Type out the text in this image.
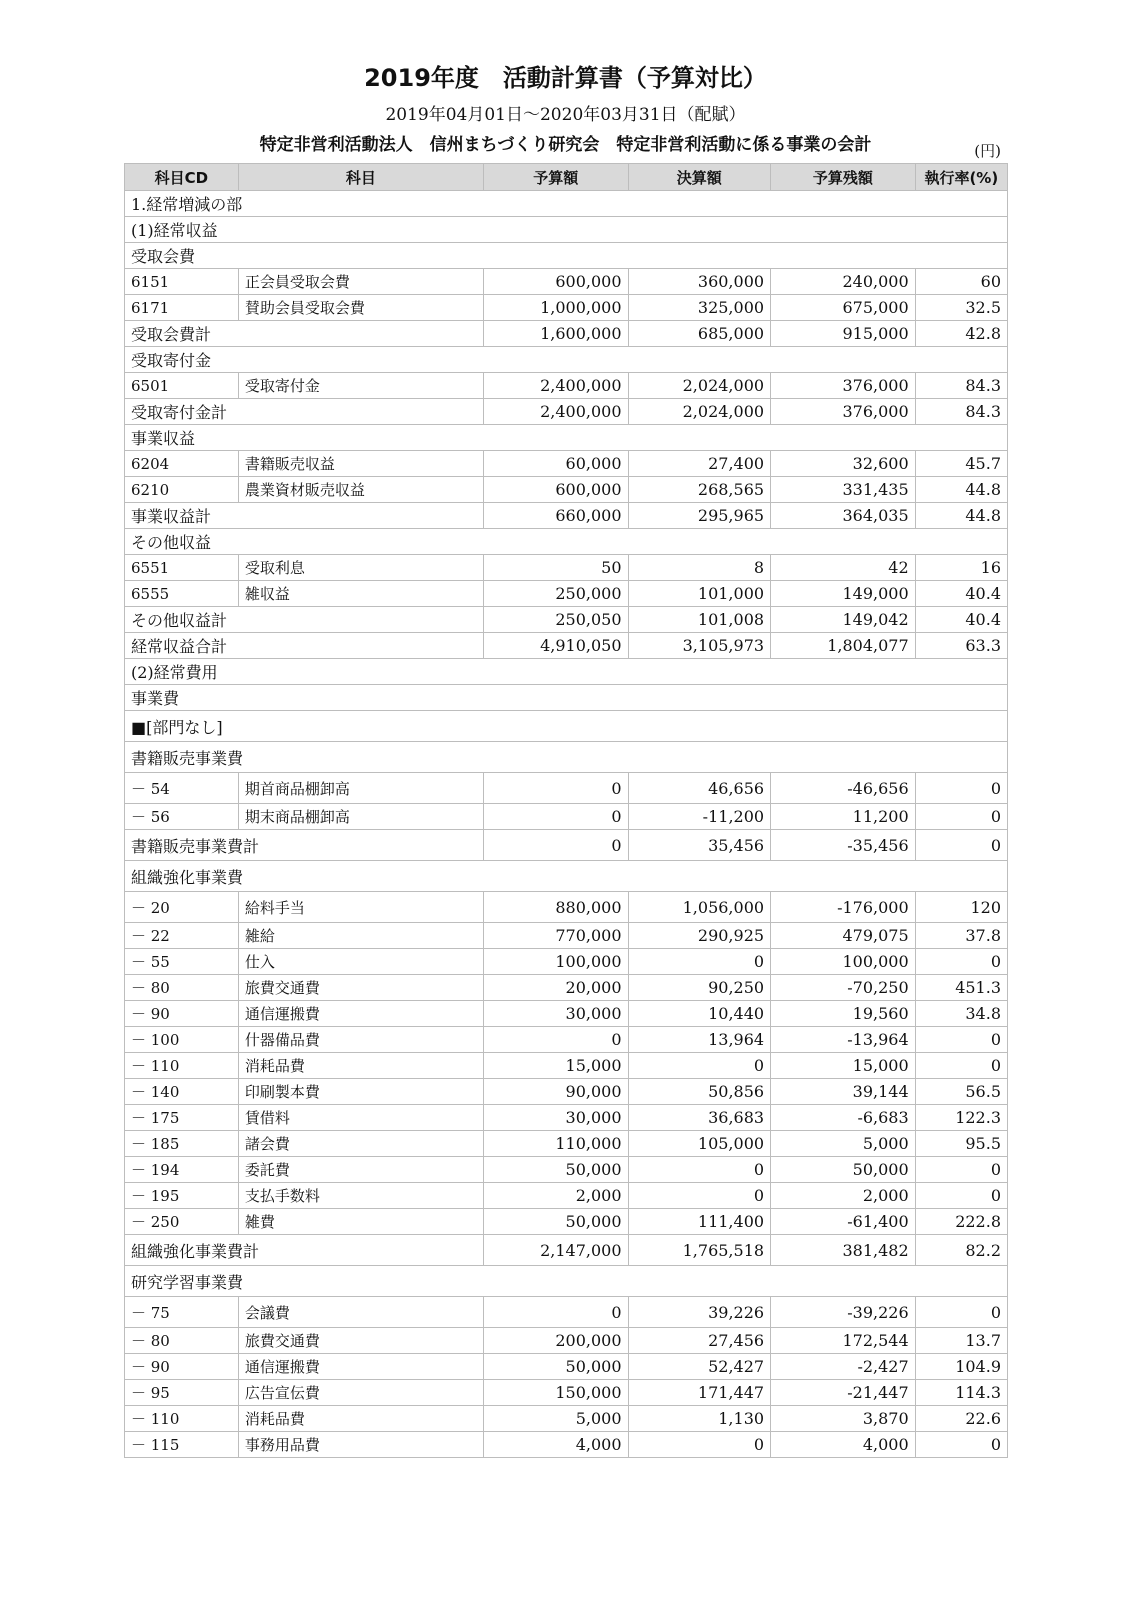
2019年度　活動計算書（予算対比）
2019年04月01日～2020年03月31日（配賦）
特定非営利活動法人　信州まちづくり研究会　特定非営利活動に係る事業の会計	(円)
科目CD	科目	予算額	決算額	予算残額	執行率(%)
1.経常増減の部					
(1)経常収益					
受取会費					
6151	正会員受取会費	600,000	360,000	240,000	60
6171	賛助会員受取会費	1,000,000	325,000	675,000	32.5
受取会費計		1,600,000	685,000	915,000	42.8
受取寄付金					
6501	受取寄付金	2,400,000	2,024,000	376,000	84.3
受取寄付金計		2,400,000	2,024,000	376,000	84.3
事業収益					
6204	書籍販売収益	60,000	27,400	32,600	45.7
6210	農業資材販売収益	600,000	268,565	331,435	44.8
事業収益計		660,000	295,965	364,035	44.8
その他収益					
6551	受取利息	50	8	42	16
6555	雑収益	250,000	101,000	149,000	40.4
その他収益計		250,050	101,008	149,042	40.4
経常収益合計		4,910,050	3,105,973	1,804,077	63.3
(2)経常費用					
事業費					
■[部門なし]					
書籍販売事業費					
－ 54	期首商品棚卸高	0	46,656	-46,656	0
－ 56	期末商品棚卸高	0	-11,200	11,200	0
書籍販売事業費計		0	35,456	-35,456	0
組織強化事業費					
－ 20	給料手当	880,000	1,056,000	-176,000	120
－ 22	雑給	770,000	290,925	479,075	37.8
－ 55	仕入	100,000	0	100,000	0
－ 80	旅費交通費	20,000	90,250	-70,250	451.3
－ 90	通信運搬費	30,000	10,440	19,560	34.8
－ 100	什器備品費	0	13,964	-13,964	0
－ 110	消耗品費	15,000	0	15,000	0
－ 140	印刷製本費	90,000	50,856	39,144	56.5
－ 175	賃借料	30,000	36,683	-6,683	122.3
－ 185	諸会費	110,000	105,000	5,000	95.5
－ 194	委託費	50,000	0	50,000	0
－ 195	支払手数料	2,000	0	2,000	0
－ 250	雑費	50,000	111,400	-61,400	222.8
組織強化事業費計		2,147,000	1,765,518	381,482	82.2
研究学習事業費					
－ 75	会議費	0	39,226	-39,226	0
－ 80	旅費交通費	200,000	27,456	172,544	13.7
－ 90	通信運搬費	50,000	52,427	-2,427	104.9
－ 95	広告宣伝費	150,000	171,447	-21,447	114.3
－ 110	消耗品費	5,000	1,130	3,870	22.6
－ 115	事務用品費	4,000	0	4,000	0
